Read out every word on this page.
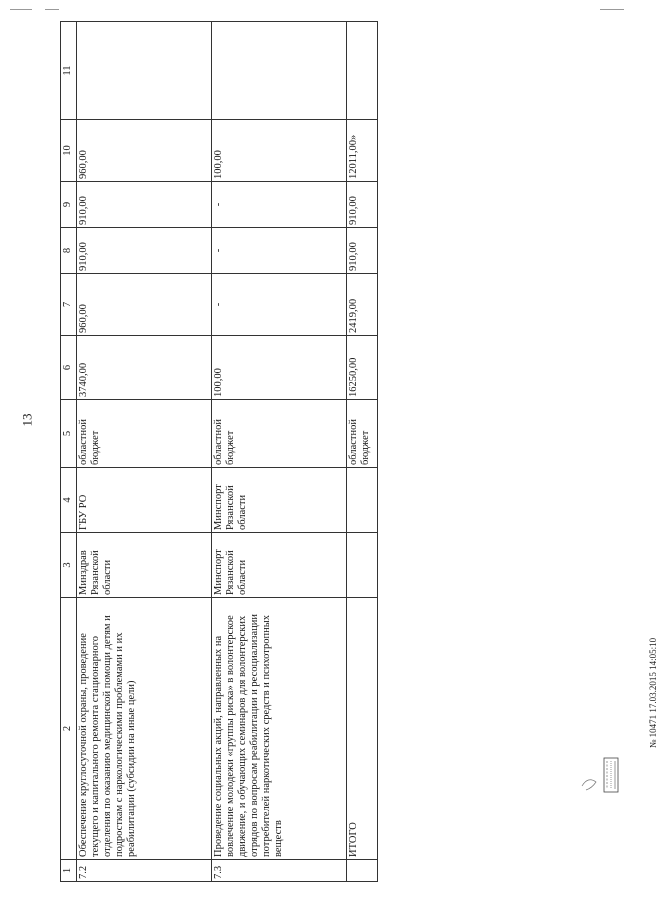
13
1	2	3	4	5	6	7	8	9	10	11
7.2	Обеспечение круглосуточной охраны, проведение текущего и капитального ремонта стационарного отделения по оказанию медицинской помощи детям и подросткам с наркологическими проблемами и их реабилитации (субсидии на иные цели)	Минздрав Рязанской области	ГБУ РО	областной бюджет	3740,00	960,00	910,00	910,00	960,00	
7.3	Проведение социальных акций, направленных на вовлечение молодежи «группы риска» в волонтерское движение, и обучающих семинаров для волонтерских отрядов по вопросам реабилитации и ресоциализации потребителей наркотических средств и психотропных веществ	Минспорт Рязанской области	Минспорт Рязанской области	областной бюджет	100,00	-	-	-	100,00	
	ИТОГО			областной бюджет	16250,00	2419,00	910,00	910,00	12011,00»	
№ 10471 17.03.2015 14:05:10
